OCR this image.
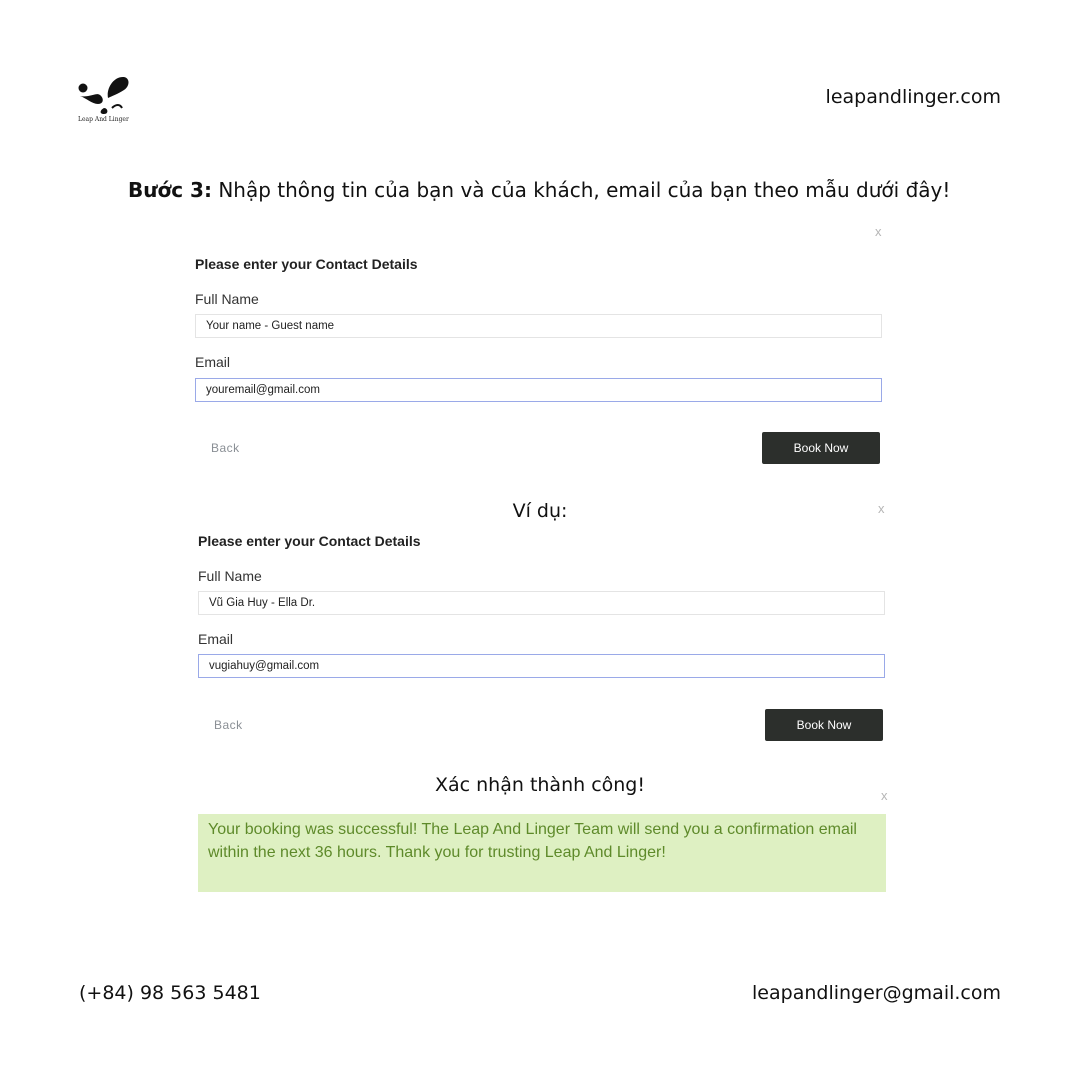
Leap And Linger
leapandlinger.com
Bước 3: Nhập thông tin của bạn và của khách, email của bạn theo mẫu dưới đây!
x
Please enter your Contact Details
Full Name
Your name - Guest name
Email
youremail@gmail.com
Back	Book Now
Ví dụ:	x
Please enter your Contact Details
Full Name
Vũ Gia Huy - Ella Dr.
Email
vugiahuy@gmail.com
Back	Book Now
Xác nhận thành công!	x
Your booking was successful! The Leap And Linger Team will send you a confirmation email within the next 36 hours. Thank you for trusting Leap And Linger!
(+84) 98 563 5481	leapandlinger@gmail.com
